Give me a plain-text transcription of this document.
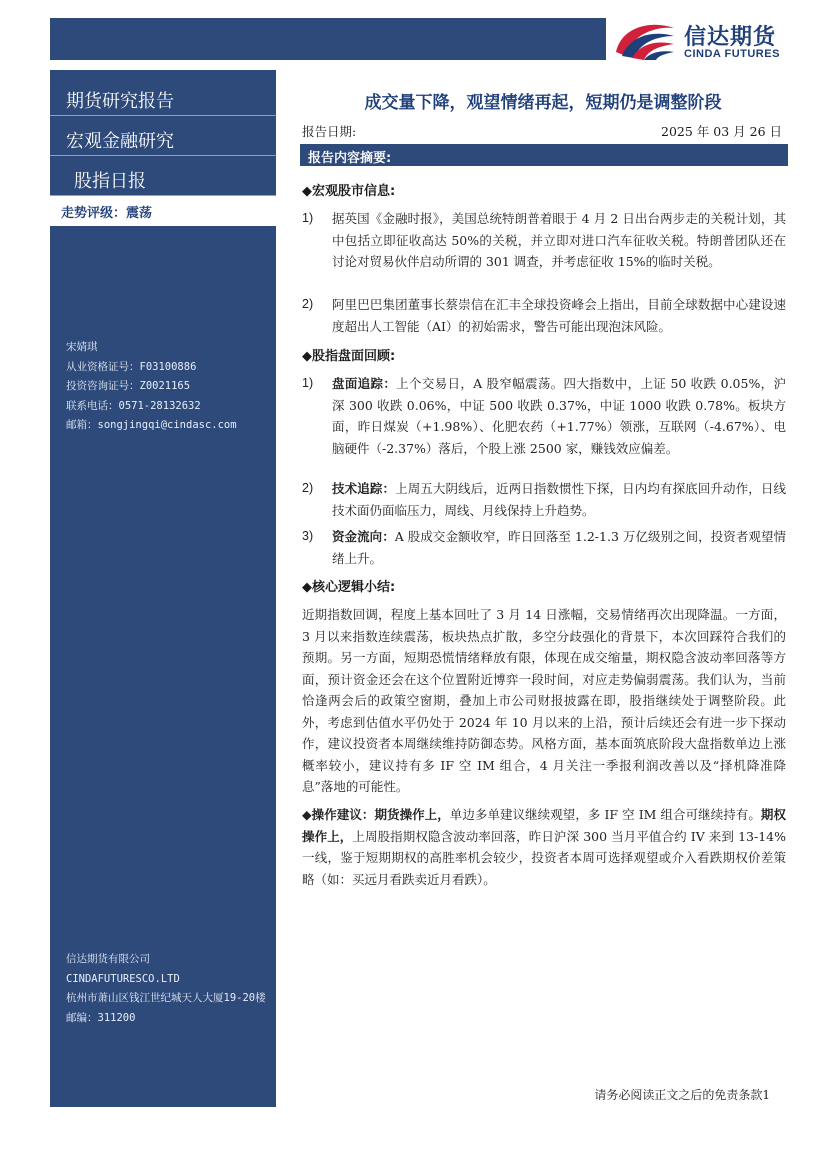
信达期货
CINDA FUTURES
期货研究报告
宏观金融研究
股指日报
走势评级：震荡
宋婧琪
从业资格证号：F03100886
投资咨询证号：Z0021165
联系电话：0571-28132632
邮箱：songjingqi@cindasc.com
信达期货有限公司
CINDAFUTURESCO.LTD
杭州市萧山区钱江世纪城天人大厦19-20楼
邮编：311200
成交量下降，观望情绪再起，短期仍是调整阶段
报告日期:	2025 年 03 月 26 日
报告内容摘要:
◆宏观股市信息:
1) 据英国《金融时报》，美国总统特朗普着眼于 4 月 2 日出台两步走的关税计划，其中包括立即征收高达 50%的关税，并立即对进口汽车征收关税。特朗普团队还在讨论对贸易伙伴启动所谓的 301 调查，并考虑征收 15%的临时关税。
2) 阿里巴巴集团董事长蔡崇信在汇丰全球投资峰会上指出，目前全球数据中心建设速度超出人工智能（AI）的初始需求，警告可能出现泡沫风险。
◆股指盘面回顾:
1) 盘面追踪：上个交易日，A 股窄幅震荡。四大指数中，上证 50 收跌 0.05%，沪深 300 收跌 0.06%，中证 500 收跌 0.37%，中证 1000 收跌 0.78%。板块方面，昨日煤炭（+1.98%）、化肥农药（+1.77%）领涨，互联网（-4.67%）、电脑硬件（-2.37%）落后，个股上涨 2500 家，赚钱效应偏差。
2) 技术追踪：上周五大阴线后，近两日指数惯性下探，日内均有探底回升动作，日线技术面仍面临压力，周线、月线保持上升趋势。
3) 资金流向：A 股成交金额收窄，昨日回落至 1.2-1.3 万亿级别之间，投资者观望情绪上升。
◆核心逻辑小结:
近期指数回调，程度上基本回吐了 3 月 14 日涨幅，交易情绪再次出现降温。一方面， 3 月以来指数连续震荡，板块热点扩散，多空分歧强化的背景下，本次回踩符合我们的预期。另一方面，短期恐慌情绪释放有限，体现在成交缩量，期权隐含波动率回落等方面，预计资金还会在这个位置附近博弈一段时间，对应走势偏弱震荡。我们认为，当前恰逢两会后的政策空窗期，叠加上市公司财报披露在即，股指继续处于调整阶段。此外，考虑到估值水平仍处于 2024 年 10 月以来的上沿，预计后续还会有进一步下探动作，建议投资者本周继续维持防御态势。风格方面，基本面筑底阶段大盘指数单边上涨概率较小，建议持有多 IF 空 IM 组合，4 月关注一季报利润改善以及“择机降准降息”落地的可能性。
◆操作建议：期货操作上，单边多单建议继续观望，多 IF 空 IM 组合可继续持有。期权操作上，上周股指期权隐含波动率回落，昨日沪深 300 当月平值合约 IV 来到 13-14%一线，鉴于短期期权的高胜率机会较少，投资者本周可选择观望或介入看跌期权价差策略（如：买远月看跌卖近月看跌）。
请务必阅读正文之后的免责条款1
